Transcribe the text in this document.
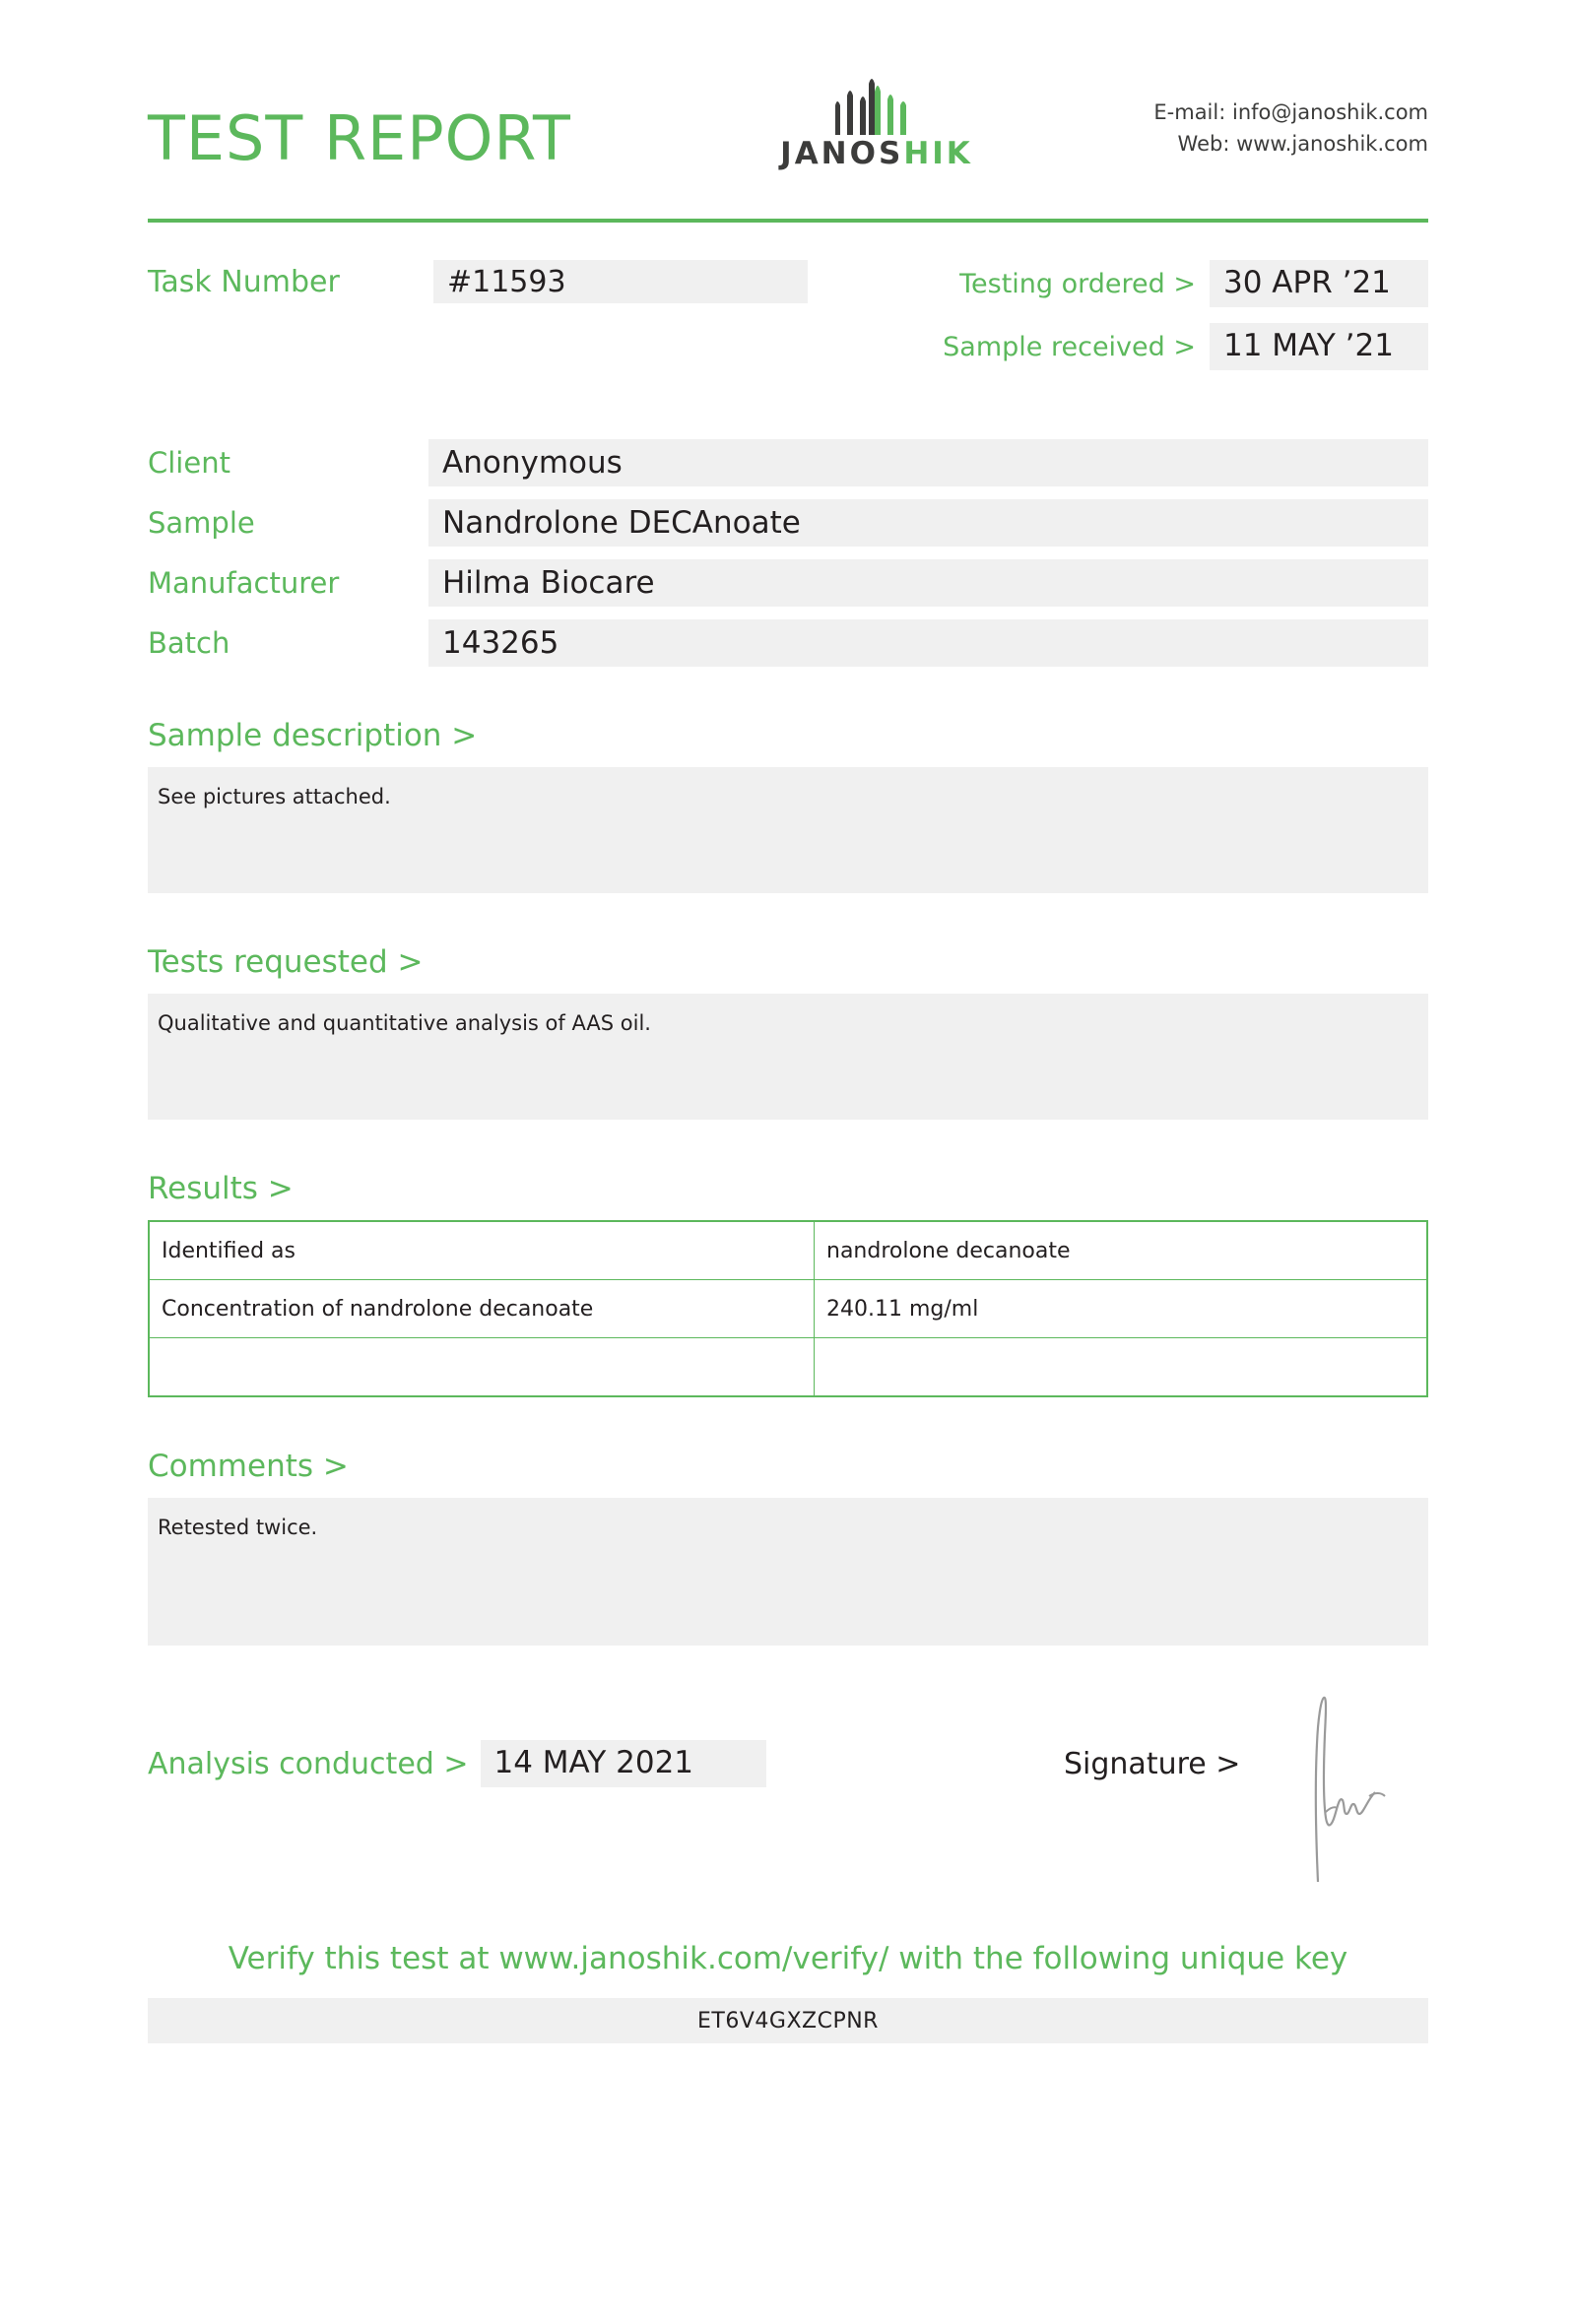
TEST REPORT	JANOSHIK
E-mail: info@janoshik.com
Web: www.janoshik.com
Task Number	#11593	Testing ordered > 30 APR ’21
Sample received > 11 MAY ’21
Client	Anonymous
Sample	Nandrolone DECAnoate
Manufacturer	Hilma Biocare
Batch	143265
Sample description >
See pictures attached.
Tests requested >
Qualitative and quantitative analysis of AAS oil.
Results >
Identified as	nandrolone decanoate
Concentration of nandrolone decanoate	240.11 mg/ml

Comments >
Retested twice.
Analysis conducted > 14 MAY 2021	Signature >
Verify this test at www.janoshik.com/verify/ with the following unique key
ET6V4GXZCPNR
